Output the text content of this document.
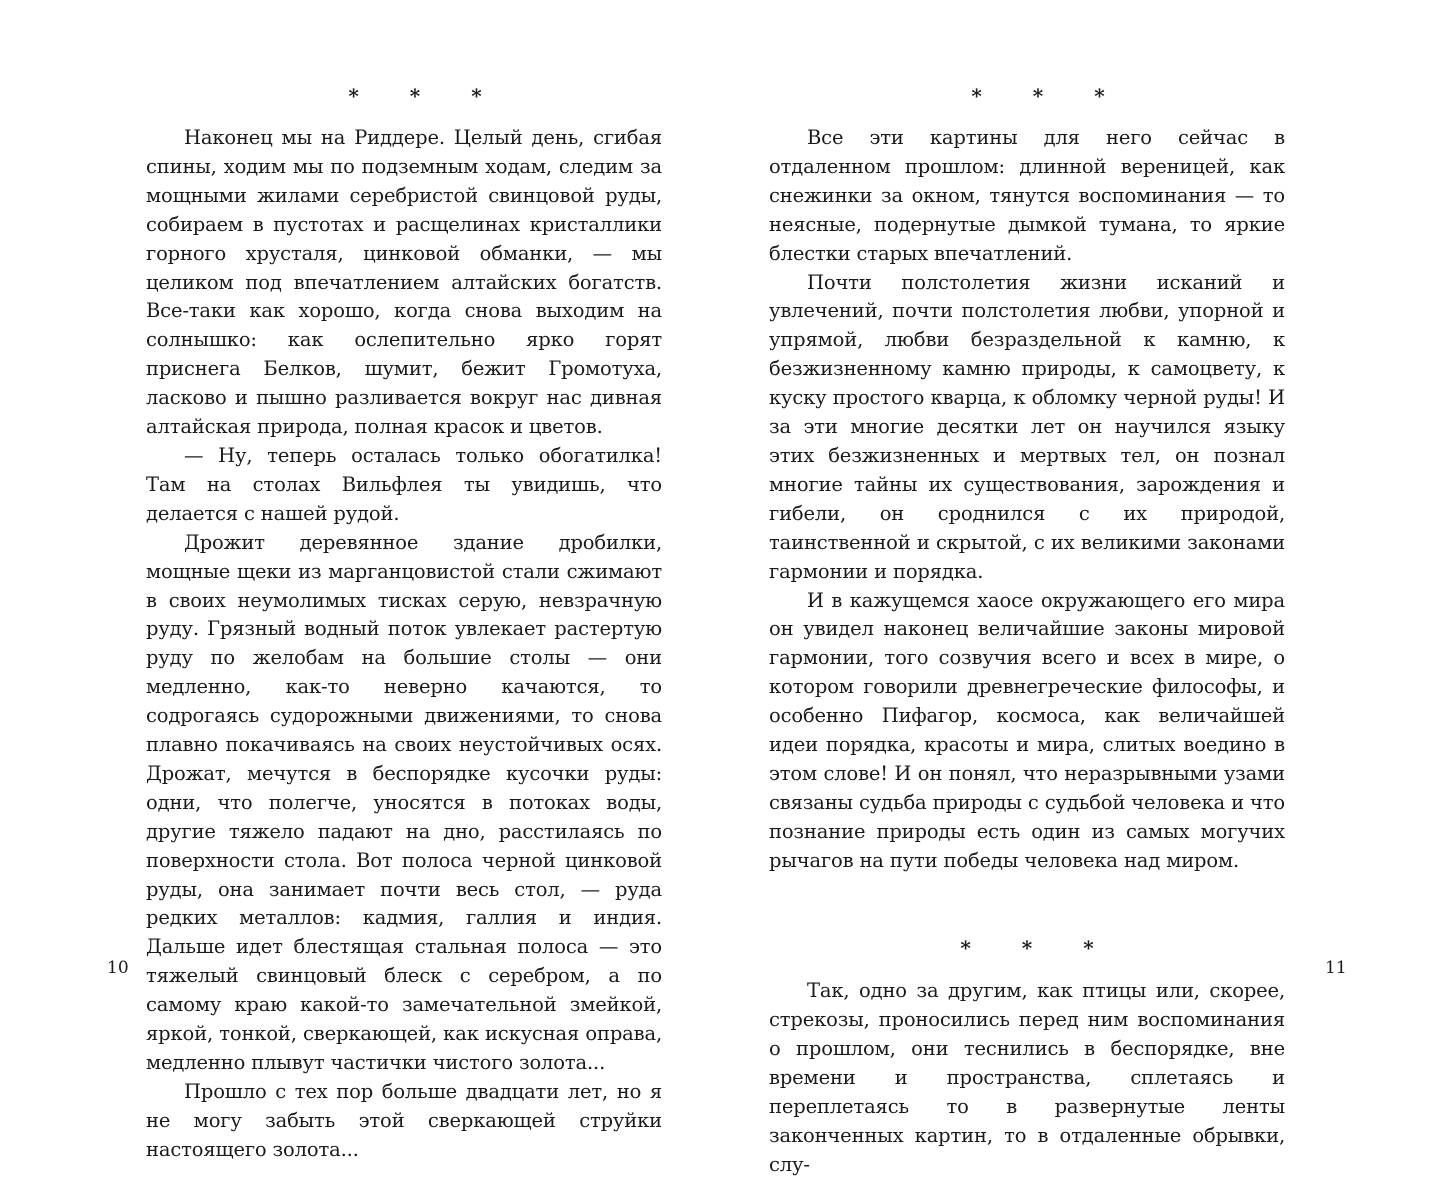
* * *

Наконец мы на Риддере. Целый день, сгибая спины, ходим мы по подземным ходам, следим за мощными жилами серебристой свинцовой руды, собираем в пустотах и расщелинах кристаллики горного хрусталя, цинковой обманки, — мы целиком под впечатлением алтайских богатств. Все-таки как хорошо, когда снова выходим на солнышко: как ослепительно ярко горят приснега Белков, шумит, бежит Громотуха, ласково и пышно разливается вокруг нас дивная алтайская природа, полная красок и цветов.

— Ну, теперь осталась только обогатилка! Там на столах Вильфлея ты увидишь, что делается с нашей рудой.

Дрожит деревянное здание дробилки, мощные щеки из марганцовистой стали сжимают в своих неумолимых тисках серую, невзрачную руду. Грязный водный поток увлекает растертую руду по желобам на большие столы — они медленно, как-то неверно качаются, то содрогаясь судорожными движениями, то снова плавно покачиваясь на своих неустойчивых осях. Дрожат, мечутся в беспорядке кусочки руды: одни, что полегче, уносятся в потоках воды, другие тяжело падают на дно, расстилаясь по поверхности стола. Вот полоса черной цинковой руды, она занимает почти весь стол, — руда редких металлов: кадмия, галлия и индия. Дальше идет блестящая стальная полоса — это тяжелый свинцовый блеск с серебром, а по самому краю какой-то замечательной змейкой, яркой, тонкой, сверкающей, как искусная оправа, медленно плывут частички чистого золота...

Прошло с тех пор больше двадцати лет, но я не могу забыть этой сверкающей струйки настоящего золота...

10
* * *

Все эти картины для него сейчас в отдаленном прошлом: длинной вереницей, как снежинки за окном, тянутся воспоминания — то неясные, подернутые дымкой тумана, то яркие блестки старых впечатлений.

Почти полстолетия жизни исканий и увлечений, почти полстолетия любви, упорной и упрямой, любви безраздельной к камню, к безжизненному камню природы, к самоцвету, к куску простого кварца, к обломку черной руды! И за эти многие десятки лет он научился языку этих безжизненных и мертвых тел, он познал многие тайны их существования, зарождения и гибели, он сроднился с их природой, таинственной и скрытой, с их великими законами гармонии и порядка.

И в кажущемся хаосе окружающего его мира он увидел наконец величайшие законы мировой гармонии, того созвучия всего и всех в мире, о котором говорили древнегреческие философы, и особенно Пифагор, космоса, как величайшей идеи порядка, красоты и мира, слитых воедино в этом слове! И он понял, что неразрывными узами связаны судьба природы с судьбой человека и что познание природы есть один из самых могучих рычагов на пути победы человека над миром.

* * *

Так, одно за другим, как птицы или, скорее, стрекозы, проносились перед ним воспоминания о прошлом, они теснились в беспорядке, вне времени и пространства, сплетаясь и переплетаясь то в развернутые ленты законченных картин, то в отдаленные обрывки, слу-

11
